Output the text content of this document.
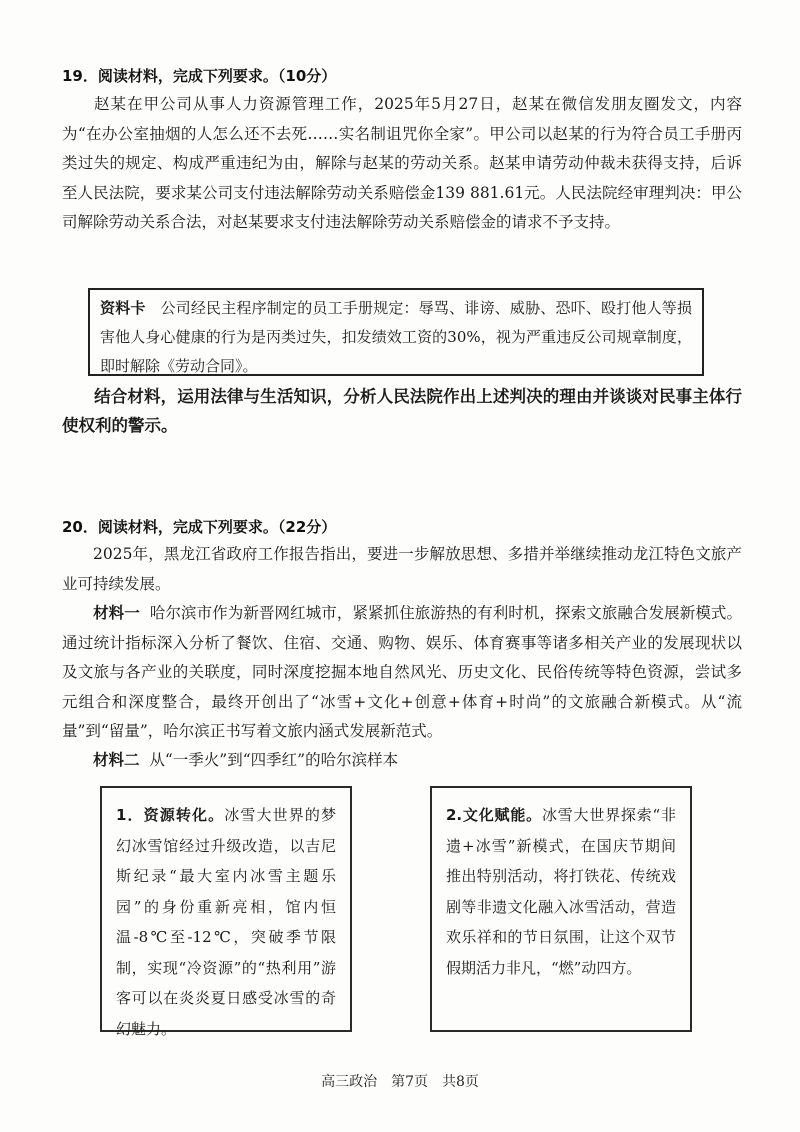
19．阅读材料，完成下列要求。（10分）

赵某在甲公司从事人力资源管理工作，2025年5月27日，赵某在微信发朋友圈发文，内容为“在办公室抽烟的人怎么还不去死……实名制诅咒你全家”。甲公司以赵某的行为符合员工手册丙类过失的规定、构成严重违纪为由，解除与赵某的劳动关系。赵某申请劳动仲裁未获得支持，后诉至人民法院，要求某公司支付违法解除劳动关系赔偿金139 881.61元。人民法院经审理判决：甲公司解除劳动关系合法，对赵某要求支付违法解除劳动关系赔偿金的请求不予支持。

资料卡 公司经民主程序制定的员工手册规定：辱骂、诽谤、威胁、恐吓、殴打他人等损害他人身心健康的行为是丙类过失，扣发绩效工资的30%，视为严重违反公司规章制度，即时解除《劳动合同》。
结合材料，运用法律与生活知识，分析人民法院作出上述判决的理由并谈谈对民事主体行使权利的警示。
20．阅读材料，完成下列要求。（22分）

2025年，黑龙江省政府工作报告指出，要进一步解放思想、多措并举继续推动龙江特色文旅产业可持续发展。

材料一 哈尔滨市作为新晋网红城市，紧紧抓住旅游热的有利时机，探索文旅融合发展新模式。通过统计指标深入分析了餐饮、住宿、交通、购物、娱乐、体育赛事等诸多相关产业的发展现状以及文旅与各产业的关联度，同时深度挖掘本地自然风光、历史文化、民俗传统等特色资源，尝试多元组合和深度整合，最终开创出了“冰雪+文化+创意+体育+时尚”的文旅融合新模式。从“流量”到“留量”，哈尔滨正书写着文旅内涵式发展新范式。

材料二 从“一季火”到“四季红”的哈尔滨样本

1．资源转化。冰雪大世界的梦幻冰雪馆经过升级改造，以吉尼斯纪录“最大室内冰雪主题乐园”的身份重新亮相，馆内恒温-8℃至-12℃，突破季节限制，实现“冷资源”的“热利用”游客可以在炎炎夏日感受冰雪的奇幻魅力。
2.文化赋能。冰雪大世界探索“非遗+冰雪”新模式，在国庆节期间推出特别活动，将打铁花、传统戏剧等非遗文化融入冰雪活动，营造欢乐祥和的节日氛围，让这个双节假期活力非凡，“燃”动四方。
高三政治　第7页　共8页
